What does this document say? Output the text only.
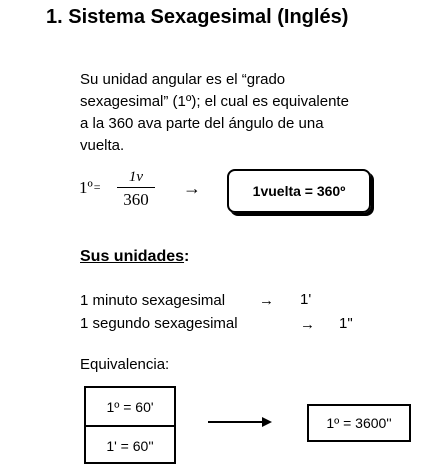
1. Sistema Sexagesimal (Inglés)
Su unidad angular es el “grado
sexagesimal” (1º); el cual es equivalente
a la 360 ava parte del ángulo de una
vuelta.
1º=
1v
360
→	1vuelta = 360º
Sus unidades:
1 minuto sexagesimal → 1'
1 segundo sexagesimal	→ 1"
Equivalencia:
1º = 60'
1' = 60''
1º = 3600''
